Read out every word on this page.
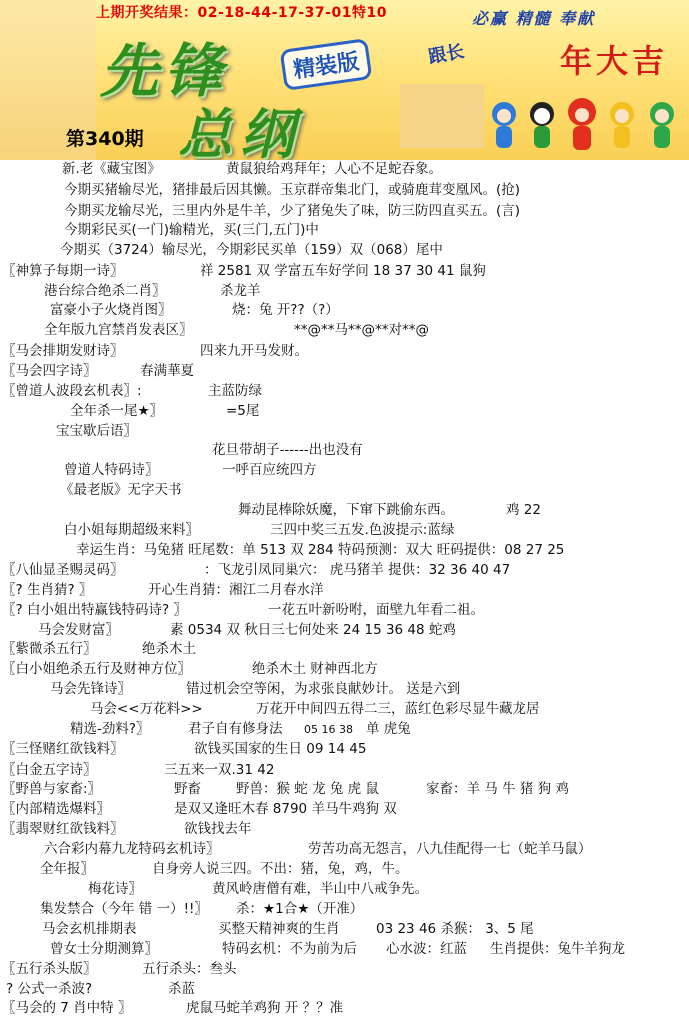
上期开奖结果：02-18-44-17-37-01特10
先锋	精装版
总纲
第340期
必赢 精髓 奉献
跟长	年大吉
新.老《藏宝图》	黄鼠狼给鸡拜年；人心不足蛇吞象。
今期买猪输尽光，猪排最后因其懒。玉京群帝集北门，或骑鹿茸变凰风。(抢)
今期买龙输尽光，三里内外是牛羊，少了猪兔失了味，防三防四直买五。(言)
今期彩民买(一门)输精光，买(三门,五门)中
今期买（3724）输尽光，今期彩民买单（159）双（068）尾中
〖神算子每期一诗〗	祥 2581 双 学富五车好学问 18 37 30 41 鼠狗
港台综合绝杀二肖〗	杀龙羊
富豪小子火烧肖图〗	烧：兔 开??（?）
全年版九宫禁肖发表区〗	**@**马**@**对**@
〖马会排期发财诗〗	四来九开马发财。
〖马会四字诗〗	春满華夏
〖曾道人波段玄机表〗:	主蓝防绿
全年杀一尾★〗	=5尾
宝宝歇后语〗
花旦带胡子------出也没有
曾道人特码诗〗	一呼百应统四方
《最老版》无字天书
舞动昆棒除妖魔，下窜下跳偷东西。	鸡 22
白小姐每期超级来料〗	三四中奖三五发.色波提示:蓝绿
幸运生肖：马兔猪 旺尾数：单 513 双 284 特码预测：双大 旺码提供：08 27 25
〖八仙显圣赐灵码〗	：飞龙引凤同巢穴： 虎马猪羊 提供：32 36 40 47
〖? 生肖猜? 〗	开心生肖猜：湘江二月春水洋
〖? 白小姐出特赢钱特码诗? 〗	一花五叶新吩咐，面壁九年看二祖。
马会发财富〗	素 0534 双 秋日三七何处来 24 15 36 48 蛇鸡
〖紫微杀五行〗	绝杀木土
〖白小姐绝杀五行及财神方位〗	绝杀木土 财神西北方
马会先锋诗〗	错过机会空等闲，为求张良献妙计。 送是六到
马会<<万花料>>	万花开中间四五得二三，蓝红色彩尽显牛藏龙居
精选-劲料?〗	君子自有修身法 05 16 38 单 虎兔
〖三怪赌红欲钱料〗	欲钱买国家的生日 09 14 45
〖白金五字诗〗	三五来一双.31 42
〖野兽与家畜:〗	野畜	野兽：猴 蛇 龙 兔 虎 鼠	家畜：羊 马 牛 猪 狗 鸡
〖内部精选爆料〗	是双又逢旺木春 8790 羊马牛鸡狗 双
〖翡翠财红欲钱料〗	欲钱找去年
六合彩内幕九龙特码玄机诗〗	劳苦功高无怨言，八九佳配得一七（蛇羊马鼠）
全年报〗	自身旁人说三四。不出：猪，兔，鸡，牛。
梅花诗〗	黄风岭唐僧有难，半山中八戒争先。
集发禁合（今年 错 一）!!〗 杀：★1合★（开准）
马会玄机排期表	买整天精神爽的生肖	03 23 46 杀猴： 3、5 尾
曾女士分期测算〗	特码玄机：不为前为后 心水波：红蓝 生肖提供：兔牛羊狗龙
〖五行杀头版〗	五行杀头：叁头
? 公式一杀波?	杀蓝
〖马会的 7 肖中特 〗	虎鼠马蛇羊鸡狗 开 ？？准
